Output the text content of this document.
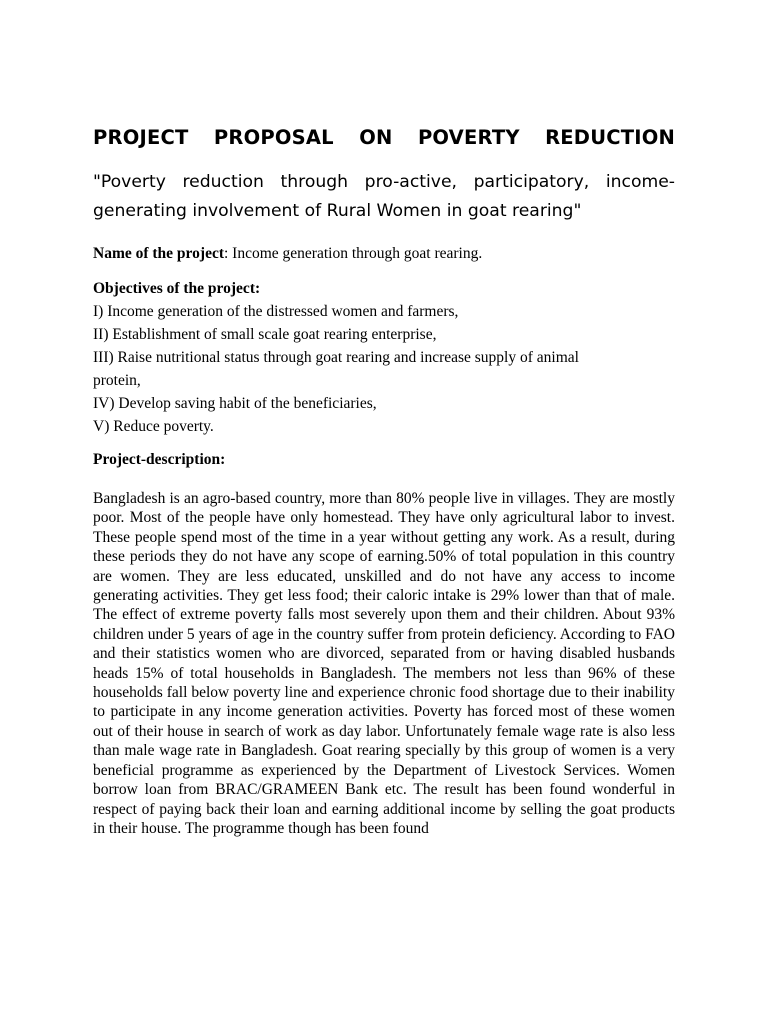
PROJECT PROPOSAL ON POVERTY REDUCTION

"Poverty reduction through pro-active, participatory, income- generating involvement of Rural Women in goat rearing"

Name of the project: Income generation through goat rearing.

Objectives of the project:

I) Income generation of the distressed women and farmers,
II) Establishment of small scale goat rearing enterprise,
III) Raise nutritional status through goat rearing and increase supply of animal protein,
IV) Develop saving habit of the beneficiaries,
V) Reduce poverty.

Project-description:

Bangladesh is an agro-based country, more than 80% people live in villages. They are mostly poor. Most of the people have only homestead. They have only agricultural labor to invest. These people spend most of the time in a year without getting any work. As a result, during these periods they do not have any scope of earning.50% of total population in this country are women. They are less educated, unskilled and do not have any access to income generating activities. They get less food; their caloric intake is 29% lower than that of male. The effect of extreme poverty falls most severely upon them and their children. About 93% children under 5 years of age in the country suffer from protein deficiency. According to FAO and their statistics women who are divorced, separated from or having disabled husbands heads 15% of total households in Bangladesh. The members not less than 96% of these households fall below poverty line and experience chronic food shortage due to their inability to participate in any income generation activities. Poverty has forced most of these women out of their house in search of work as day labor. Unfortunately female wage rate is also less than male wage rate in Bangladesh. Goat rearing specially by this group of women is a very beneficial programme as experienced by the Department of Livestock Services. Women borrow loan from BRAC/GRAMEEN Bank etc. The result has been found wonderful in respect of paying back their loan and earning additional income by selling the goat products in their house. The programme though has been found
